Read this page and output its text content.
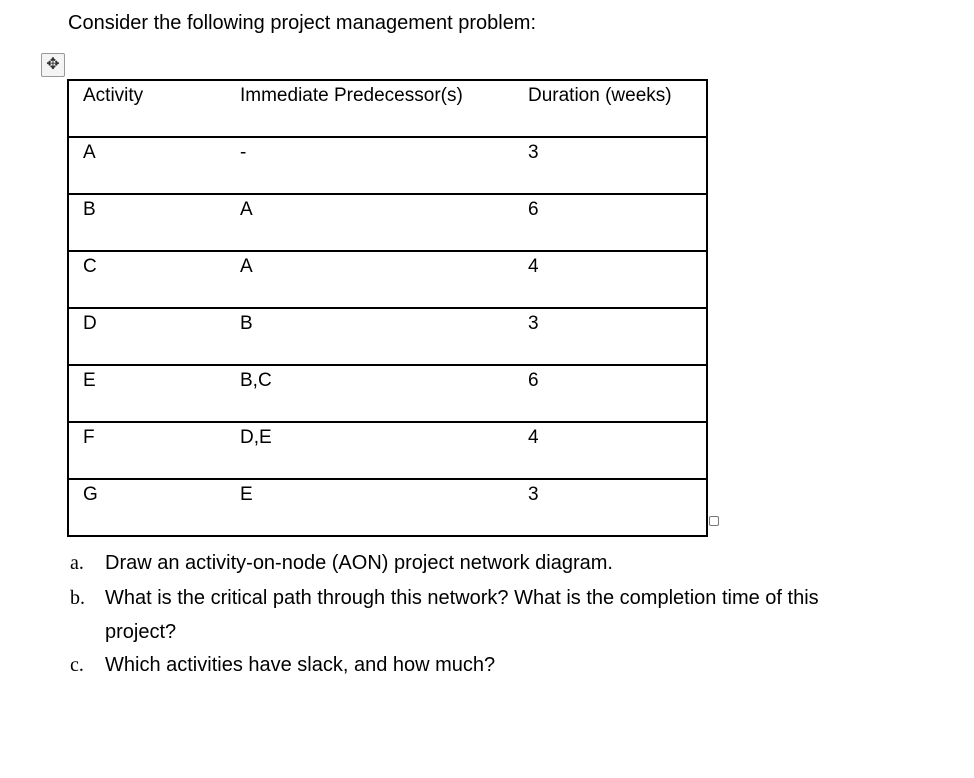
Consider the following project management problem:
✥
Activity	Immediate Predecessor(s)	Duration (weeks)
A	-	3
B	A	6
C	A	4
D	B	3
E	B,C	6
F	D,E	4
G	E	3
a. Draw an activity-on-node (AON) project network diagram.
b. What is the critical path through this network? What is the completion time of this
project?
c. Which activities have slack, and how much?
